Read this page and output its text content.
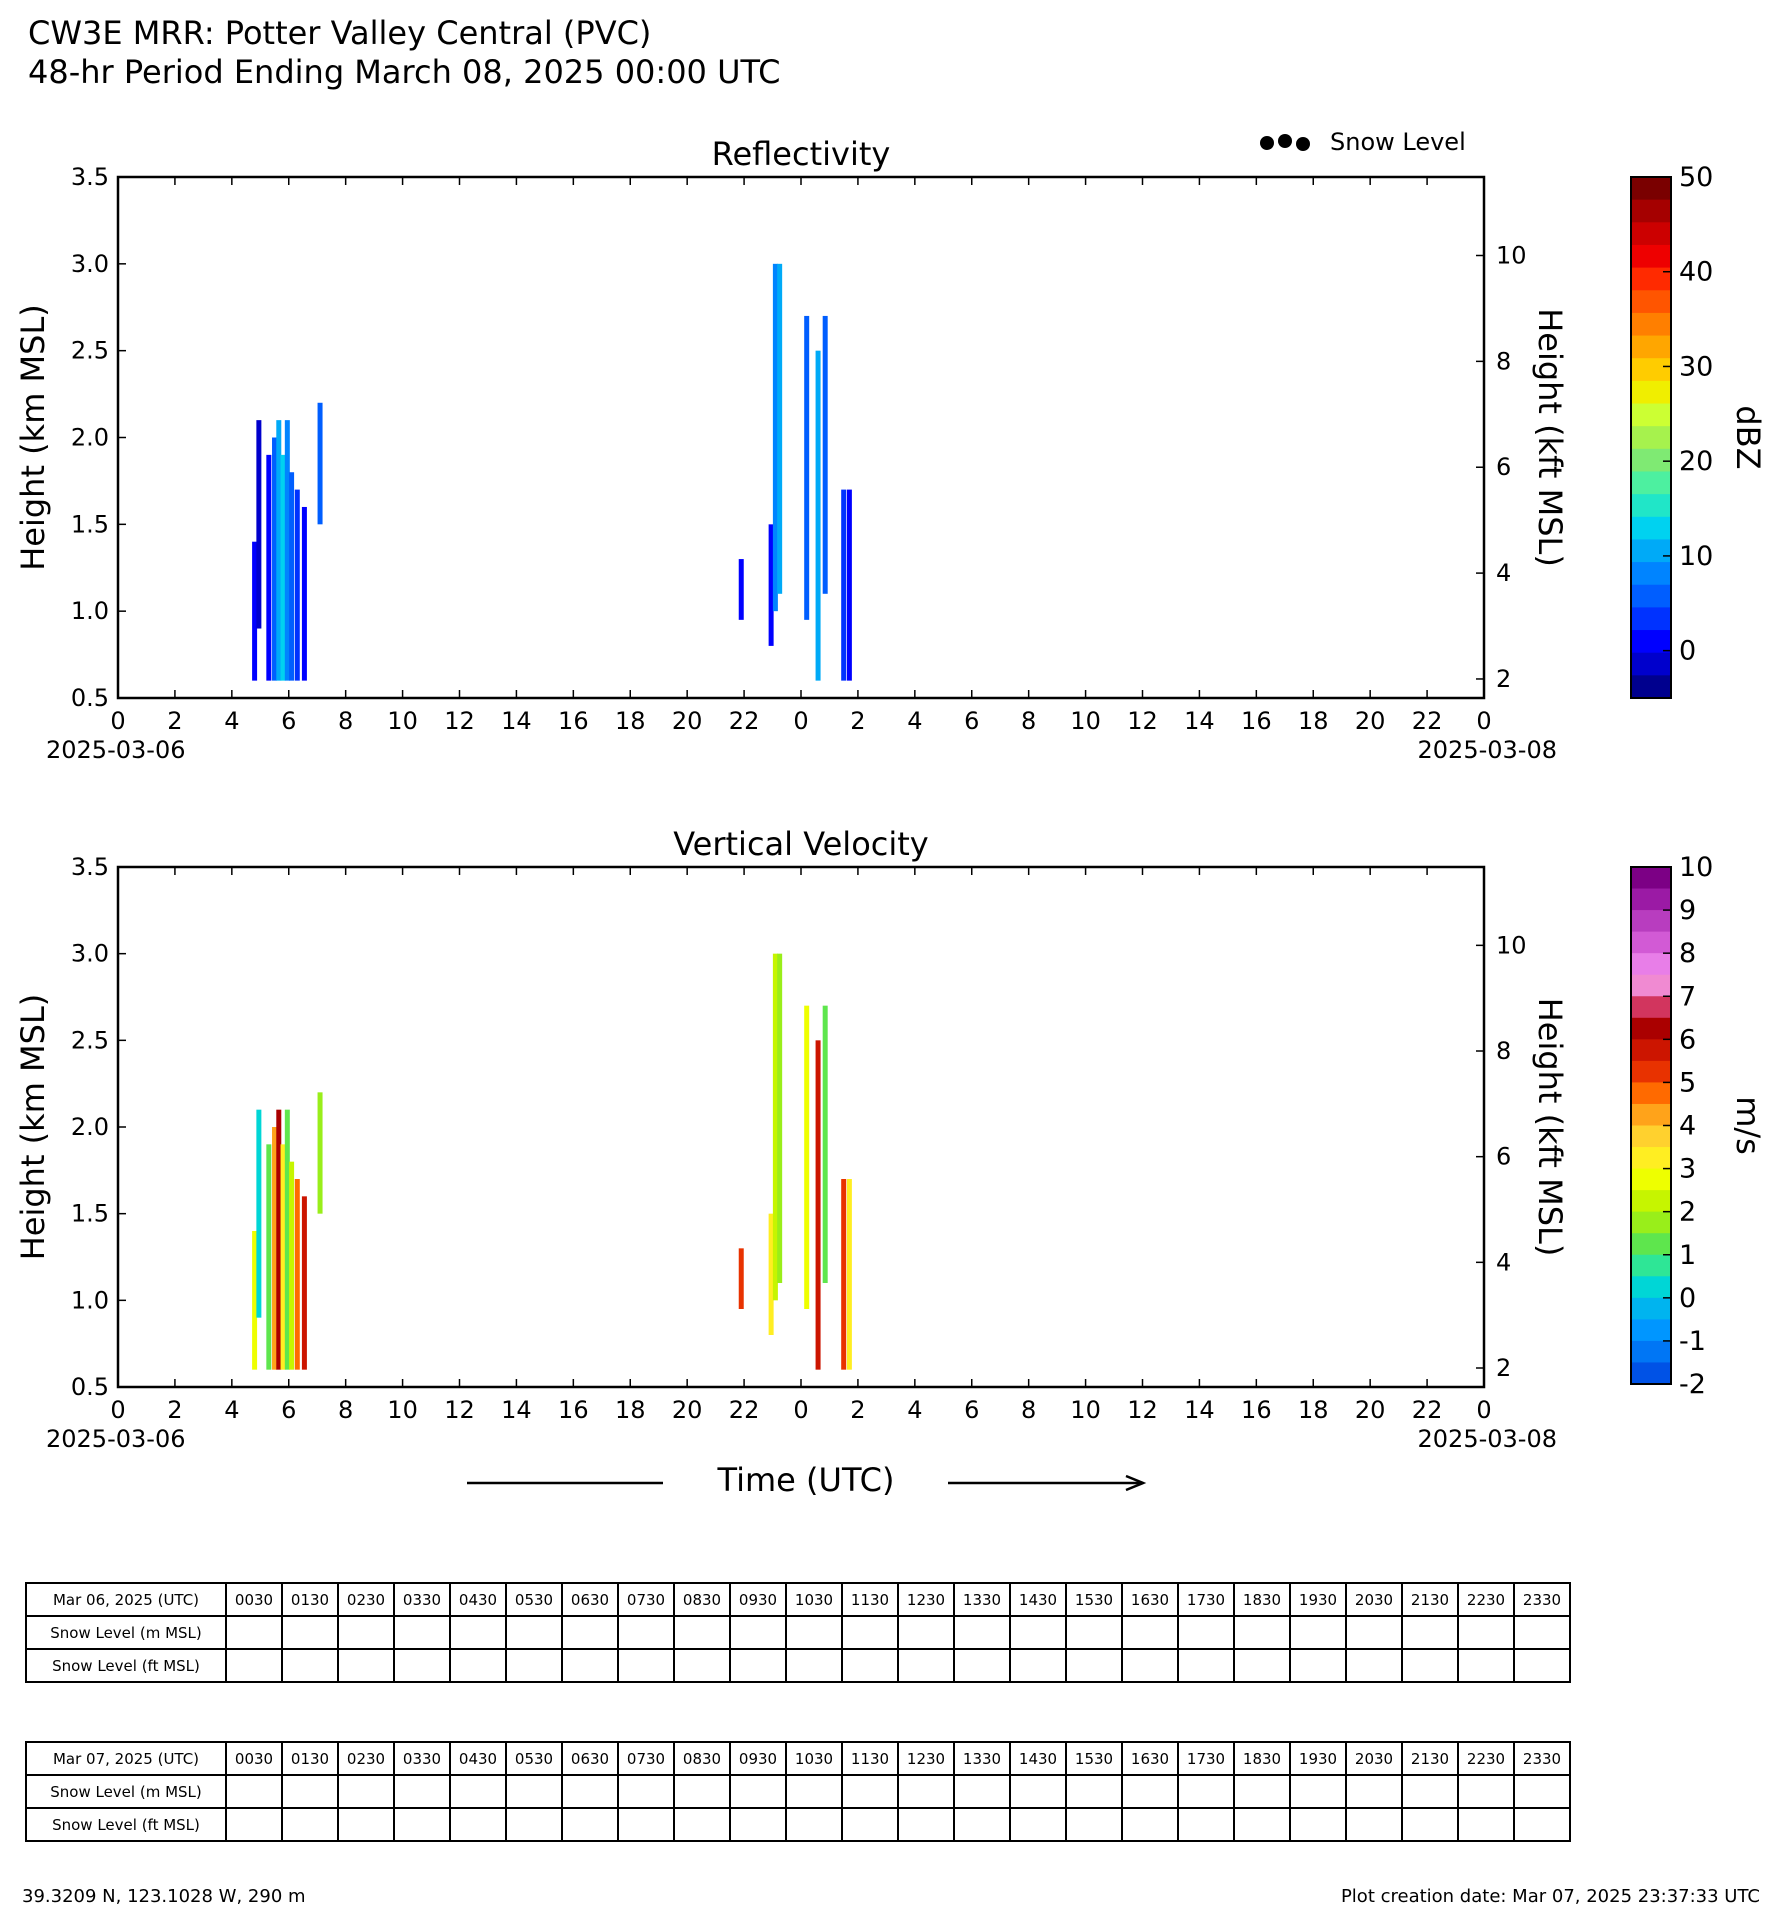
CW3E MRR: Potter Valley Central (PVC)
48-hr Period Ending March 08, 2025 00:00 UTC
Snow Level
Reflectivity
0 2 4 6 8 10 12 14 16 18 20 22 0 2 4 6 8 10 12 14 16 18 20 22 0
2025-03-06	2025-03-08
0.5
1.0
1.5
2.0
2.5
3.0
3.5
2
4
6
8
10
Height (km MSL)	Height (kft MSL)
50
40
30
20
10
0
dBZ
Vertical Velocity
0 2 4 6 8 10 12 14 16 18 20 22 0 2 4 6 8 10 12 14 16 18 20 22 0
2025-03-06	2025-03-08
0.5
1.0
1.5
2.0
2.5
3.0
3.5
2
4
6
8
10
Height (km MSL)	Height (kft MSL)
10
9
8
7
6
5
4
3
2
1
0
-1
-2
m/s
Time (UTC)
Mar 06, 2025 (UTC)	0030	0130	0230	0330	0430	0530	0630	0730	0830	0930	1030	1130	1230	1330	1430	1530	1630	1730	1830	1930	2030	2130	2230	2330
Snow Level (m MSL)																								
Snow Level (ft MSL)																								
Mar 07, 2025 (UTC)	0030	0130	0230	0330	0430	0530	0630	0730	0830	0930	1030	1130	1230	1330	1430	1530	1630	1730	1830	1930	2030	2130	2230	2330
Snow Level (m MSL)																								
Snow Level (ft MSL)																								
39.3209 N, 123.1028 W, 290 m	Plot creation date: Mar 07, 2025 23:37:33 UTC
